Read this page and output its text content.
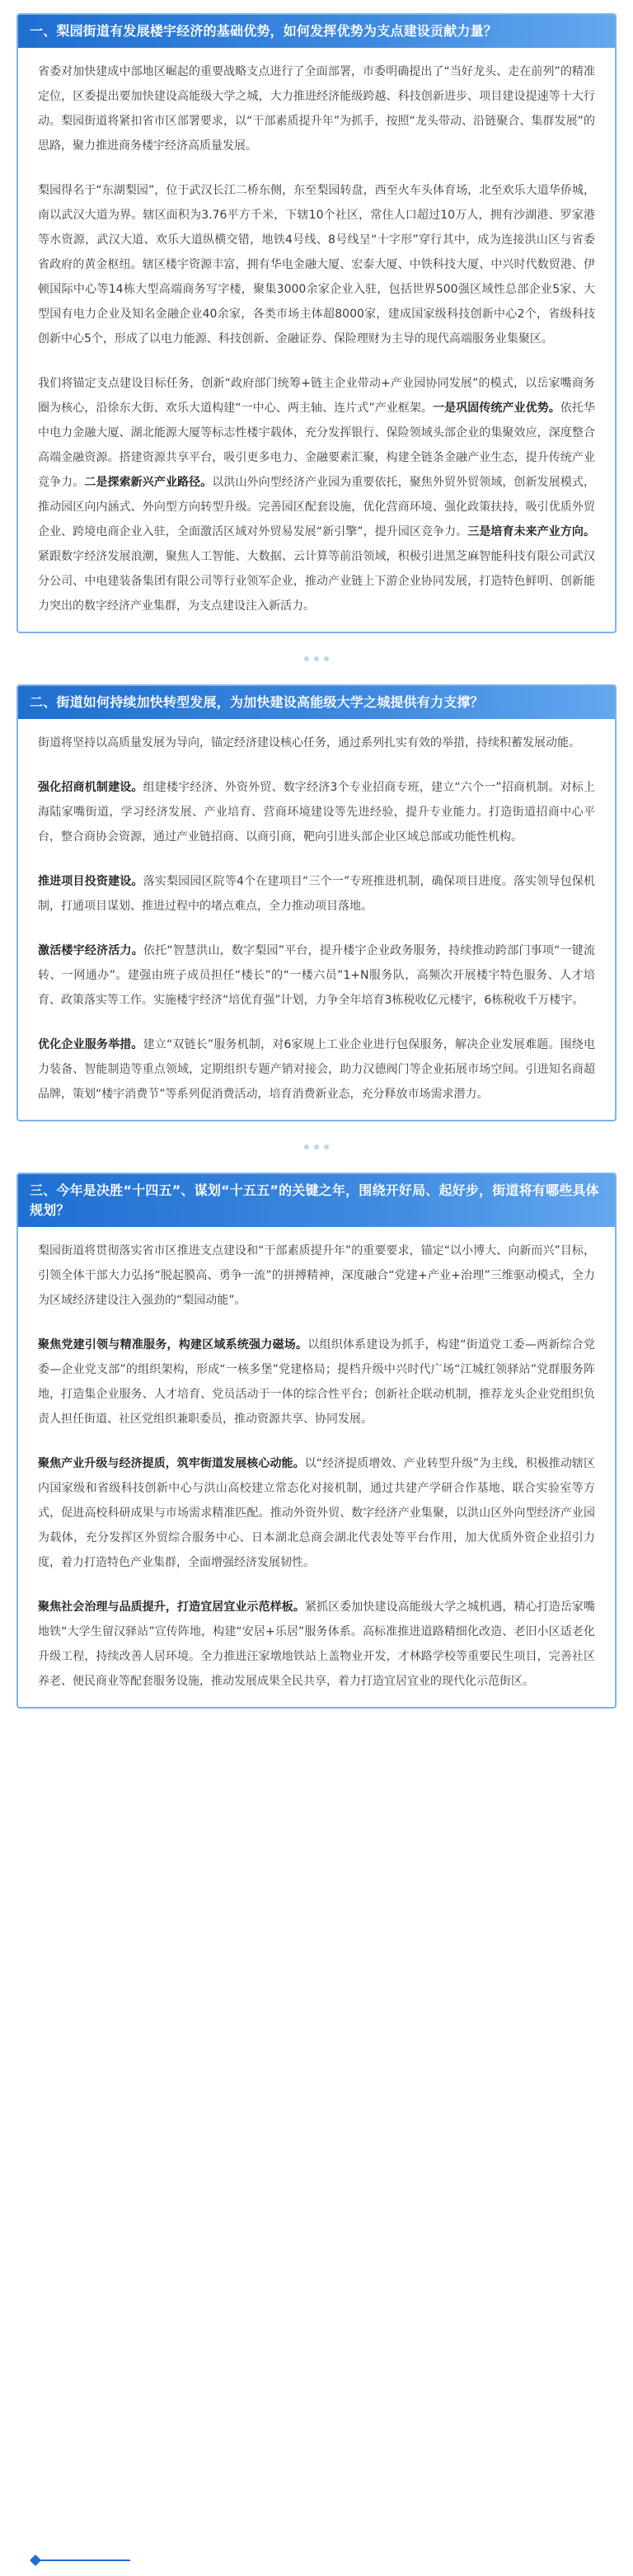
一、梨园街道有发展楼宇经济的基础优势，如何发挥优势为支点建设贡献力量？

省委对加快建成中部地区崛起的重要战略支点进行了全面部署，市委明确提出了“当好龙头、走在前列”的精准定位，区委提出要加快建设高能级大学之城，大力推进经济能级跨越、科技创新进步、项目建设提速等十大行动。梨园街道将紧扣省市区部署要求，以“干部素质提升年”为抓手，按照“龙头带动、沿链聚合、集群发展”的思路，聚力推进商务楼宇经济高质量发展。

梨园得名于“东湖梨园”，位于武汉长江二桥东侧，东至梨园转盘，西至火车头体育场，北至欢乐大道华侨城，南以武汉大道为界。辖区面积为3.76平方千米，下辖10个社区，常住人口超过10万人，拥有沙湖港、罗家港等水资源，武汉大道、欢乐大道纵横交错，地铁4号线、8号线呈“十字形”穿行其中，成为连接洪山区与省委省政府的黄金枢纽。辖区楼宇资源丰富，拥有华电金融大厦、宏泰大厦、中铁科技大厦、中兴时代数贸港、伊顿国际中心等14栋大型高端商务写字楼，聚集3000余家企业入驻，包括世界500强区域性总部企业5家、大型国有电力企业及知名金融企业40余家，各类市场主体超8000家，建成国家级科技创新中心2个，省级科技创新中心5个，形成了以电力能源、科技创新、金融证券、保险理财为主导的现代高端服务业集聚区。

我们将锚定支点建设目标任务，创新“政府部门统筹+链主企业带动+产业园协同发展”的模式，以岳家嘴商务圈为核心，沿徐东大街、欢乐大道构建“一中心、两主轴、连片式”产业框架。一是巩固传统产业优势。依托华中电力金融大厦、湖北能源大厦等标志性楼宇载体，充分发挥银行、保险领域头部企业的集聚效应，深度整合高端金融资源。搭建资源共享平台，吸引更多电力、金融要素汇聚，构建全链条金融产业生态，提升传统产业竞争力。二是探索新兴产业路径。以洪山外向型经济产业园为重要依托，聚焦外贸外贸领域，创新发展模式，推动园区向内涵式、外向型方向转型升级。完善园区配套设施，优化营商环境、强化政策扶持，吸引优质外贸企业、跨境电商企业入驻，全面激活区域对外贸易发展“新引擎”，提升园区竞争力。三是培育未来产业方向。紧跟数字经济发展浪潮，聚焦人工智能、大数据、云计算等前沿领域，积极引进黑芝麻智能科技有限公司武汉分公司、中电建装备集团有限公司等行业领军企业，推动产业链上下游企业协同发展，打造特色鲜明、创新能力突出的数字经济产业集群，为支点建设注入新活力。

二、街道如何持续加快转型发展，为加快建设高能级大学之城提供有力支撑？

街道将坚持以高质量发展为导向，锚定经济建设核心任务，通过系列扎实有效的举措，持续积蓄发展动能。

强化招商机制建设。组建楼宇经济、外资外贸、数字经济3个专业招商专班，建立“六个一”招商机制。对标上海陆家嘴街道，学习经济发展、产业培育、营商环境建设等先进经验，提升专业能力。打造街道招商中心平台，整合商协会资源，通过产业链招商、以商引商，靶向引进头部企业区域总部或功能性机构。

推进项目投资建设。落实梨园园区院等4个在建项目“三个一”专班推进机制，确保项目进度。落实领导包保机制，打通项目谋划、推进过程中的堵点难点，全力推动项目落地。

激活楼宇经济活力。依托“智慧洪山，数字梨园”平台，提升楼宇企业政务服务，持续推动跨部门事项“一键流转、一网通办”。建强由班子成员担任“楼长”的“一楼六员”1+N服务队，高频次开展楼宇特色服务、人才培育、政策落实等工作。实施楼宇经济“培优育强”计划，力争全年培育3栋税收亿元楼宇，6栋税收千万楼宇。

优化企业服务举措。建立“双链长”服务机制，对6家规上工业企业进行包保服务，解决企业发展难题。围绕电力装备、智能制造等重点领域，定期组织专题产销对接会，助力汉德阀门等企业拓展市场空间。引进知名商超品牌，策划“楼宇消费节”等系列促消费活动，培育消费新业态，充分释放市场需求潜力。

三、今年是决胜“十四五”、谋划“十五五”的关键之年，围绕开好局、起好步，街道将有哪些具体规划？

梨园街道将贯彻落实省市区推进支点建设和“干部素质提升年”的重要要求，锚定“以小博大、向新而兴”目标，引领全体干部大力弘扬“脱起膜高、勇争一流”的拼搏精神，深度融合“党建+产业+治理”三维驱动模式，全力为区域经济建设注入强劲的“梨园动能”。

聚焦党建引领与精准服务，构建区域系统强力磁场。以组织体系建设为抓手，构建“街道党工委—两新综合党委—企业党支部”的组织架构，形成“一核多堡”党建格局；提档升级中兴时代广场“江城红领驿站”党群服务阵地，打造集企业服务、人才培育、党员活动于一体的综合性平台；创新社企联动机制，推荐龙头企业党组织负责人担任街道、社区党组织兼职委员，推动资源共享、协同发展。

聚焦产业升级与经济提质，筑牢街道发展核心动能。以“经济提质增效、产业转型升级”为主线，积极推动辖区内国家级和省级科技创新中心与洪山高校建立常态化对接机制，通过共建产学研合作基地、联合实验室等方式，促进高校科研成果与市场需求精准匹配。推动外资外贸、数字经济产业集聚，以洪山区外向型经济产业园为载体，充分发挥区外贸综合服务中心、日本湖北总商会湖北代表处等平台作用，加大优质外资企业招引力度，着力打造特色产业集群，全面增强经济发展韧性。

聚焦社会治理与品质提升，打造宜居宜业示范样板。紧抓区委加快建设高能级大学之城机遇，精心打造岳家嘴地铁“大学生留汉驿站”宣传阵地，构建“安居+乐居”服务体系。高标准推进道路精细化改造、老旧小区适老化升级工程，持续改善人居环境。全力推进汪家墩地铁站上盖物业开发，才林路学校等重要民生项目，完善社区养老、便民商业等配套服务设施，推动发展成果全民共享，着力打造宜居宜业的现代化示范街区。
